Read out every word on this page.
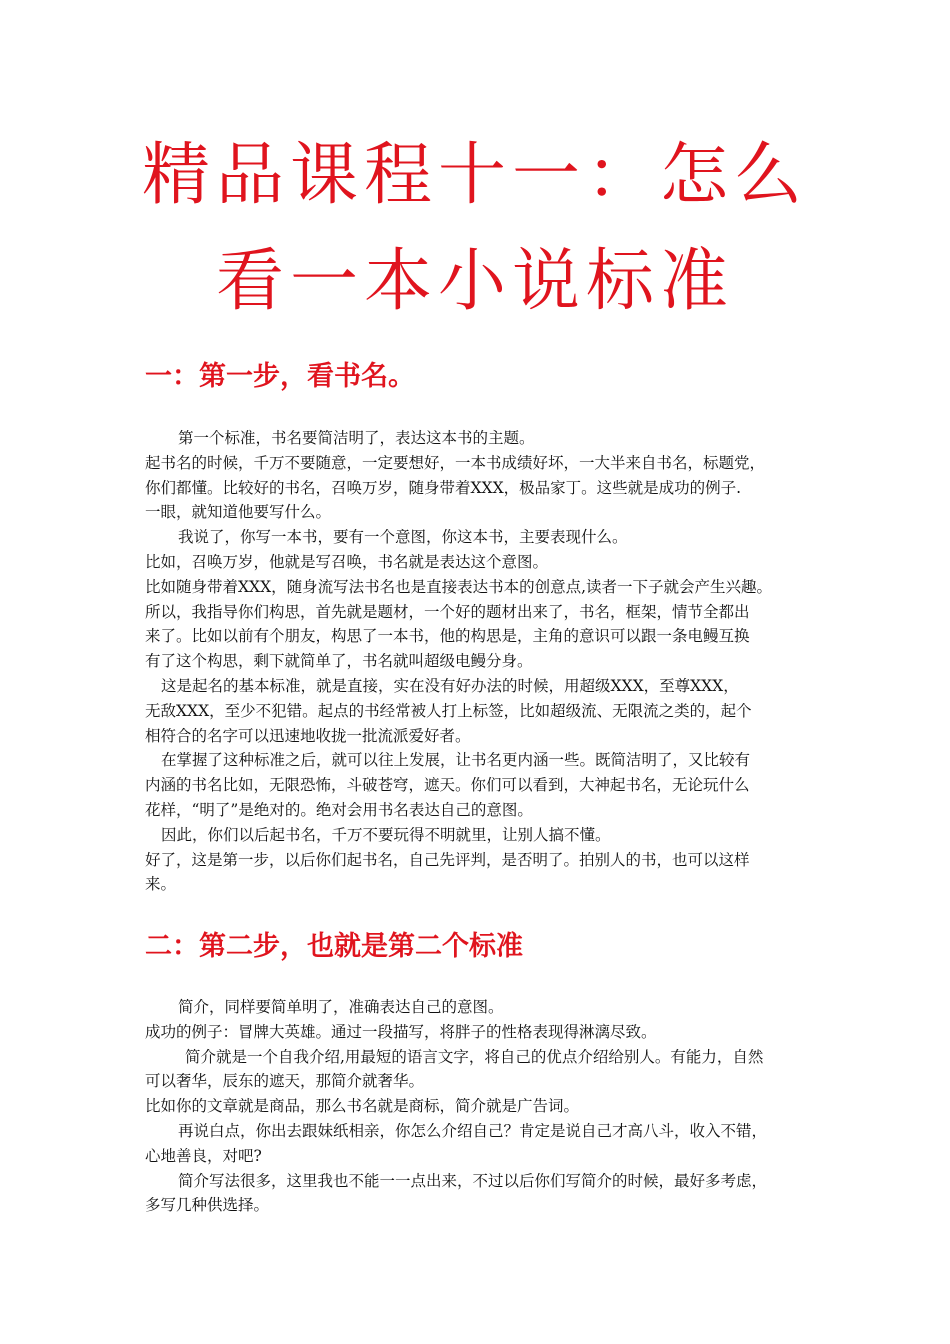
精品课程十一：怎么
看一本小说标准
一：第一步，看书名。

第一个标准，书名要简洁明了，表达这本书的主题。

起书名的时候，千万不要随意，一定要想好，一本书成绩好坏，一大半来自书名，标题党，

你们都懂。比较好的书名，召唤万岁，随身带着XXX，极品家丁。这些就是成功的例子.

一眼，就知道他要写什么。

我说了，你写一本书，要有一个意图，你这本书，主要表现什么。

比如，召唤万岁，他就是写召唤，书名就是表达这个意图。

比如随身带着XXX，随身流写法书名也是直接表达书本的创意点,读者一下子就会产生兴趣。

所以，我指导你们构思，首先就是题材，一个好的题材出来了，书名，框架，情节全都出

来了。比如以前有个朋友，构思了一本书，他的构思是，主角的意识可以跟一条电鳗互换

有了这个构思，剩下就简单了，书名就叫超级电鳗分身。

这是起名的基本标准，就是直接，实在没有好办法的时候，用超级XXX，至尊XXX，

无敌XXX，至少不犯错。起点的书经常被人打上标签，比如超级流、无限流之类的，起个

相符合的名字可以迅速地收拢一批流派爱好者。

在掌握了这种标准之后，就可以往上发展，让书名更内涵一些。既简洁明了，又比较有

内涵的书名比如，无限恐怖，斗破苍穹，遮天。你们可以看到，大神起书名，无论玩什么

花样，“明了”是绝对的。绝对会用书名表达自己的意图。

因此，你们以后起书名，千万不要玩得不明就里，让别人搞不懂。

好了，这是第一步，以后你们起书名，自己先评判，是否明了。拍别人的书，也可以这样

来。

二：第二步，也就是第二个标准

简介，同样要简单明了，准确表达自己的意图。

成功的例子：冒牌大英雄。通过一段描写，将胖子的性格表现得淋漓尽致。

简介就是一个自我介绍,用最短的语言文字，将自己的优点介绍给别人。有能力，自然

可以奢华，辰东的遮天，那简介就奢华。

比如你的文章就是商品，那么书名就是商标，简介就是广告词。

再说白点，你出去跟妹纸相亲，你怎么介绍自己？肯定是说自己才高八斗，收入不错，

心地善良，对吧?

简介写法很多，这里我也不能一一点出来，不过以后你们写简介的时候，最好多考虑，

多写几种供选择。
